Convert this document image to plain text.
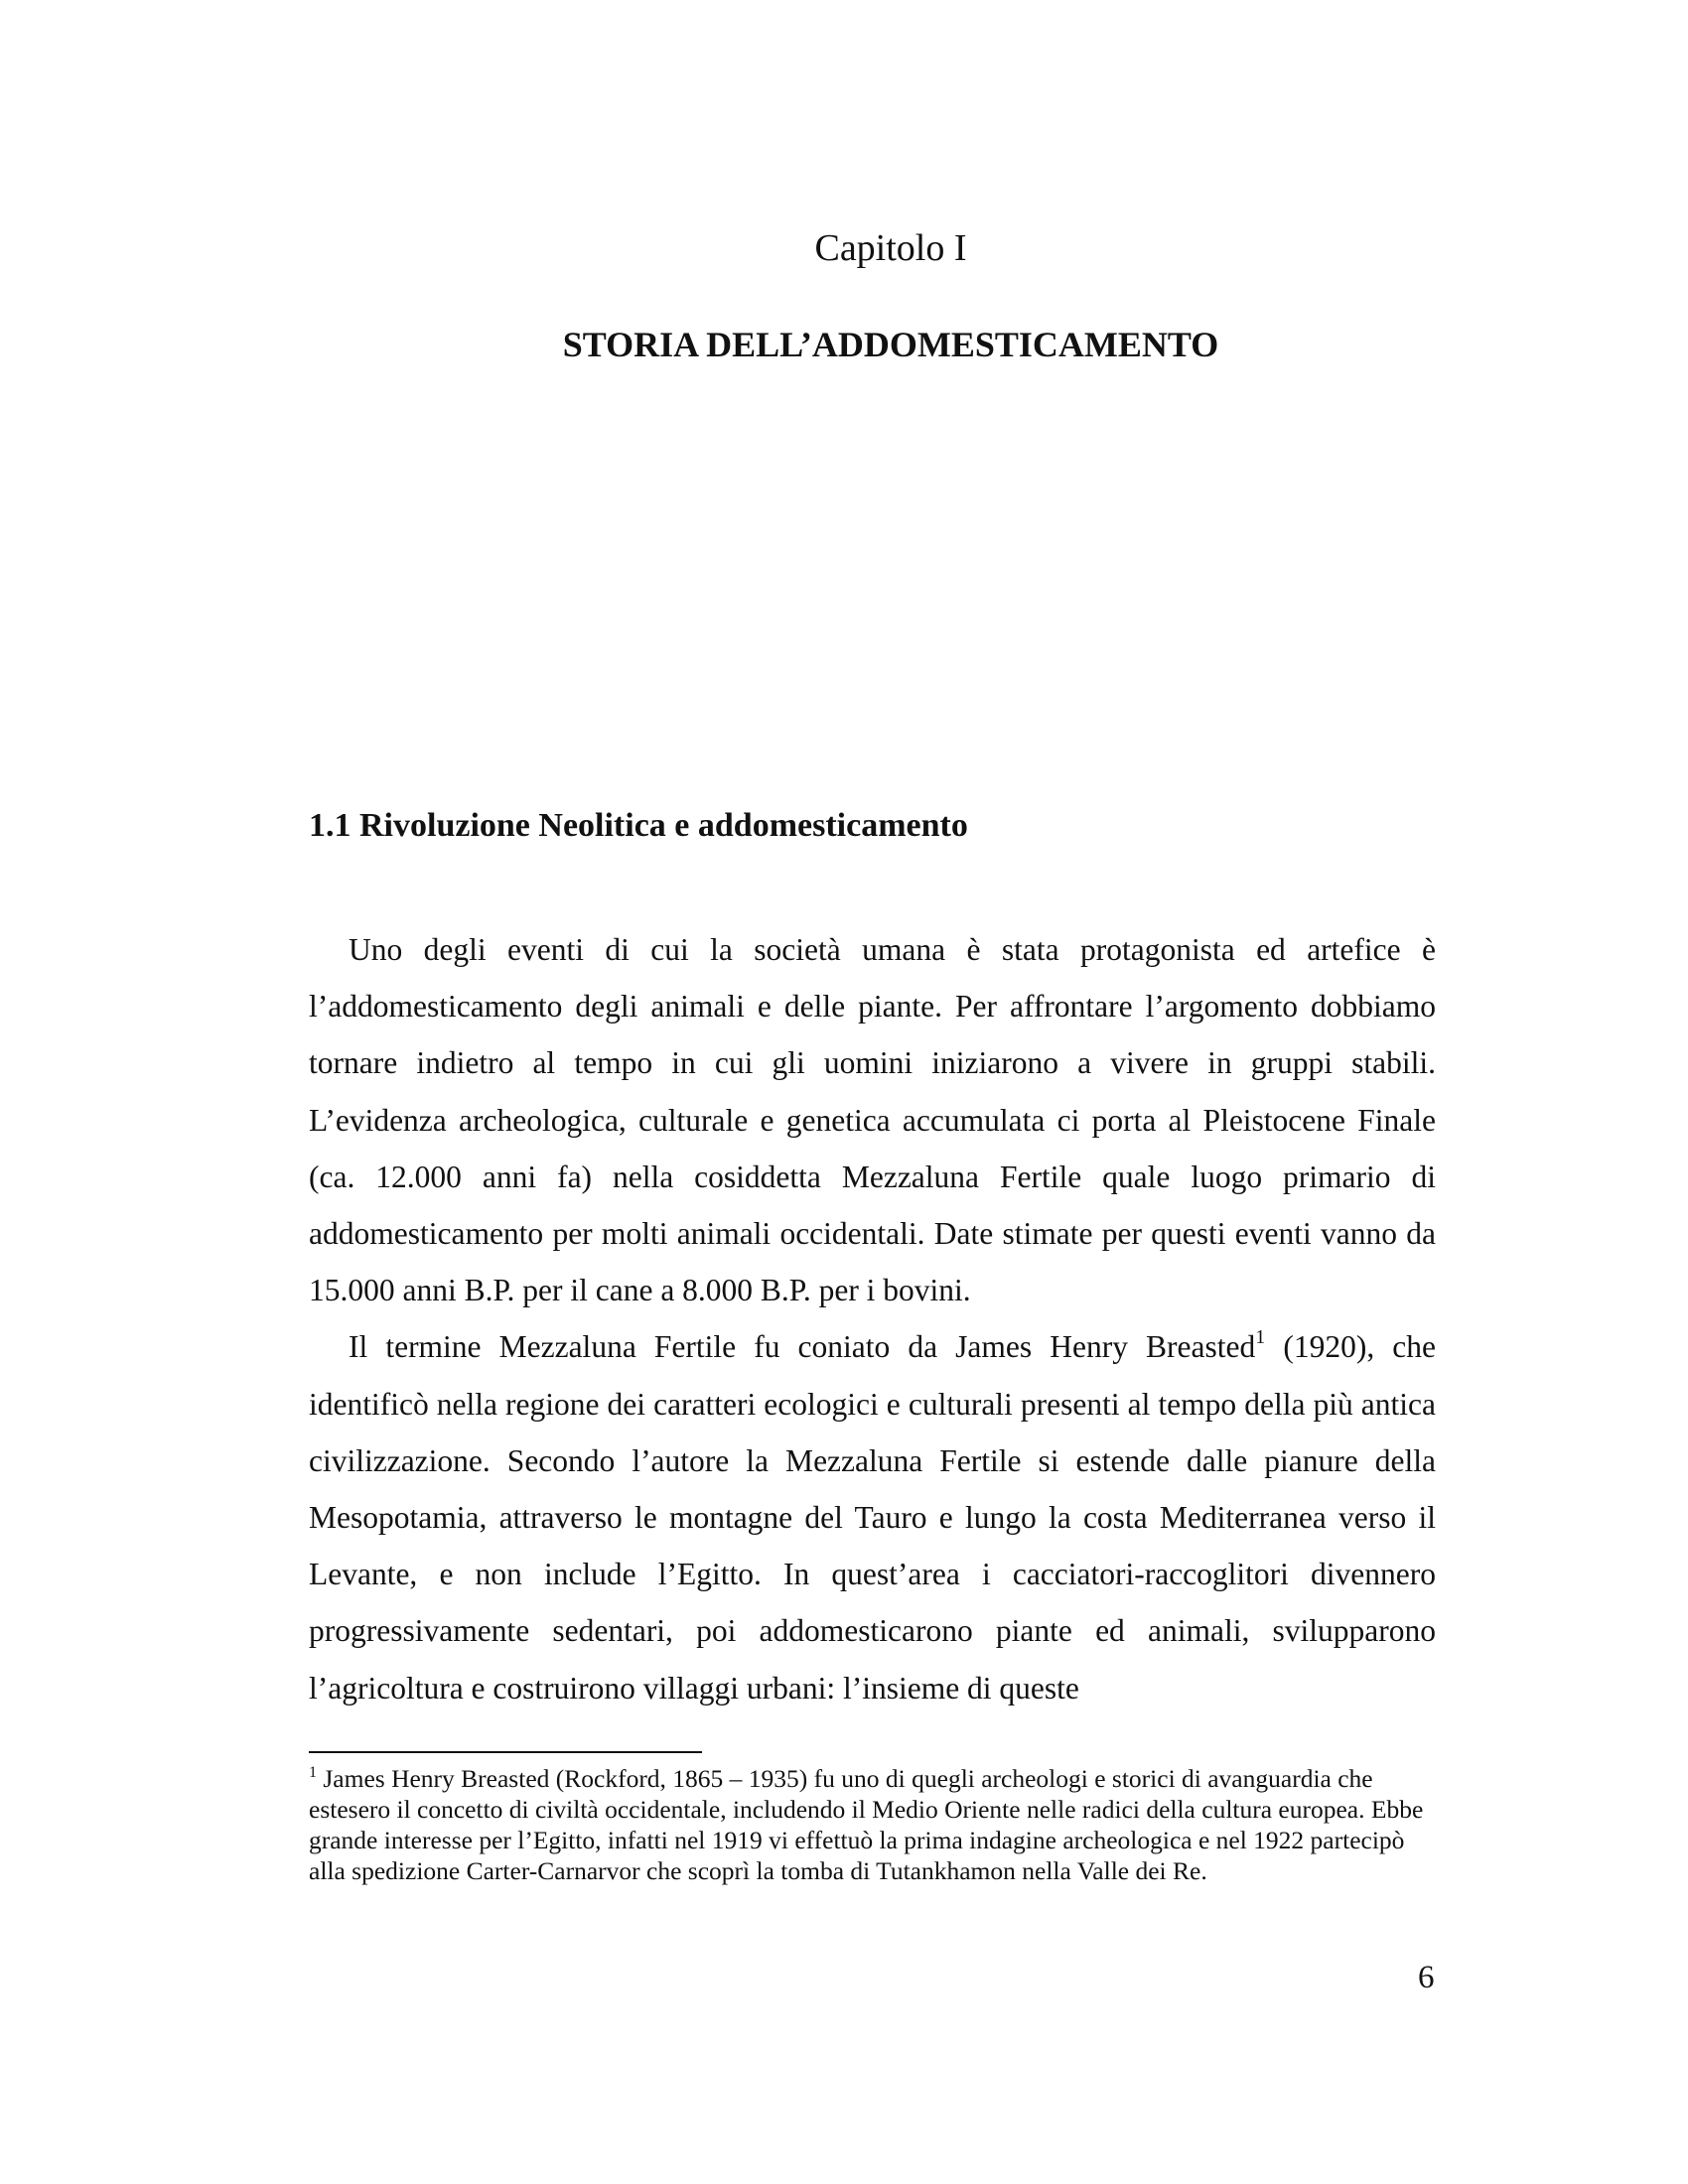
Capitolo I
STORIA DELL’ADDOMESTICAMENTO
1.1 Rivoluzione Neolitica e addomesticamento

Uno degli eventi di cui la società umana è stata protagonista ed artefice è l’addomesticamento degli animali e delle piante. Per affrontare l’argomento dobbiamo tornare indietro al tempo in cui gli uomini iniziarono a vivere in gruppi stabili. L’evidenza archeologica, culturale e genetica accumulata ci porta al Pleistocene Finale (ca. 12.000 anni fa) nella cosiddetta Mezzaluna Fertile quale luogo primario di addomesticamento per molti animali occidentali. Date stimate per questi eventi vanno da 15.000 anni B.P. per il cane a 8.000 B.P. per i bovini.

Il termine Mezzaluna Fertile fu coniato da James Henry Breasted$^1$ (1920), che identificò nella regione dei caratteri ecologici e culturali presenti al tempo della più antica civilizzazione. Secondo l’autore la Mezzaluna Fertile si estende dalle pianure della Mesopotamia, attraverso le montagne del Tauro e lungo la costa Mediterranea verso il Levante, e non include l’Egitto. In quest’area i cacciatori-raccoglitori divennero progressivamente sedentari, poi addomesticarono piante ed animali, svilupparono l’agricoltura e costruirono villaggi urbani: l’insieme di queste

$^1$ James Henry Breasted (Rockford, 1865 – 1935) fu uno di quegli archeologi e storici di avanguardia che estesero il concetto di civiltà occidentale, includendo il Medio Oriente nelle radici della cultura europea. Ebbe grande interesse per l’Egitto, infatti nel 1919 vi effettuò la prima indagine archeologica e nel 1922 partecipò alla spedizione Carter-Carnarvor che scoprì la tomba di Tutankhamon nella Valle dei Re.
6
